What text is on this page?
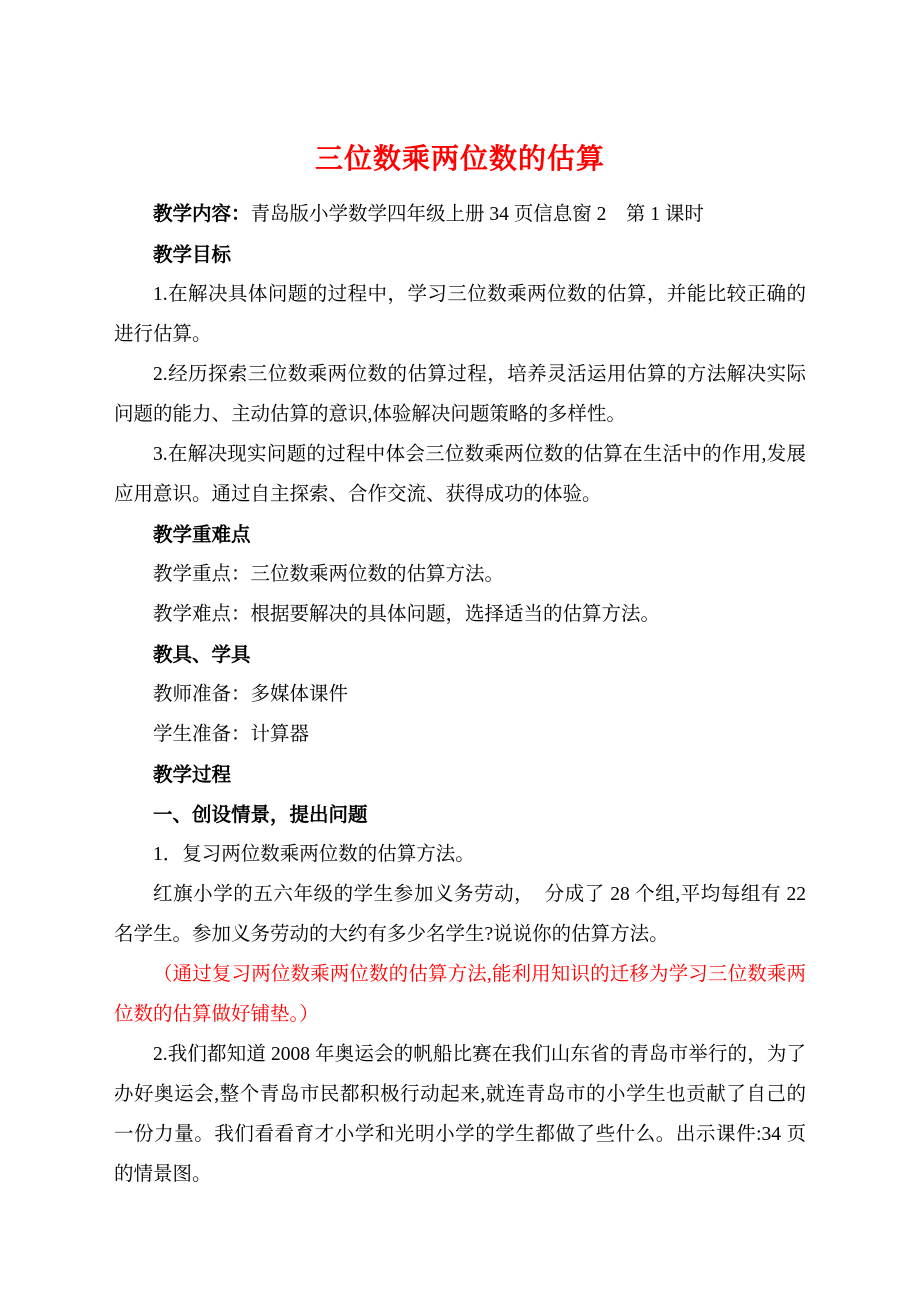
三位数乘两位数的估算

教学内容：青岛版小学数学四年级上册 34 页信息窗 2　第 1 课时

教学目标

1.在解决具体问题的过程中，学习三位数乘两位数的估算，并能比较正确的进行估算。

2.经历探索三位数乘两位数的估算过程，培养灵活运用估算的方法解决实际问题的能力、主动估算的意识,体验解决问题策略的多样性。

3.在解决现实问题的过程中体会三位数乘两位数的估算在生活中的作用,发展应用意识。通过自主探索、合作交流、获得成功的体验。

教学重难点

教学重点：三位数乘两位数的估算方法。

教学难点：根据要解决的具体问题，选择适当的估算方法。

教具、学具

教师准备：多媒体课件

学生准备：计算器

教学过程

一、创设情景，提出问题

1．复习两位数乘两位数的估算方法。

红旗小学的五六年级的学生参加义务劳动，　分成了 28 个组,平均每组有 22 名学生。参加义务劳动的大约有多少名学生?说说你的估算方法。

（通过复习两位数乘两位数的估算方法,能利用知识的迁移为学习三位数乘两位数的估算做好铺垫。）

2.我们都知道 2008 年奥运会的帆船比赛在我们山东省的青岛市举行的，为了办好奥运会,整个青岛市民都积极行动起来,就连青岛市的小学生也贡献了自己的一份力量。我们看看育才小学和光明小学的学生都做了些什么。出示课件:34 页的情景图。
